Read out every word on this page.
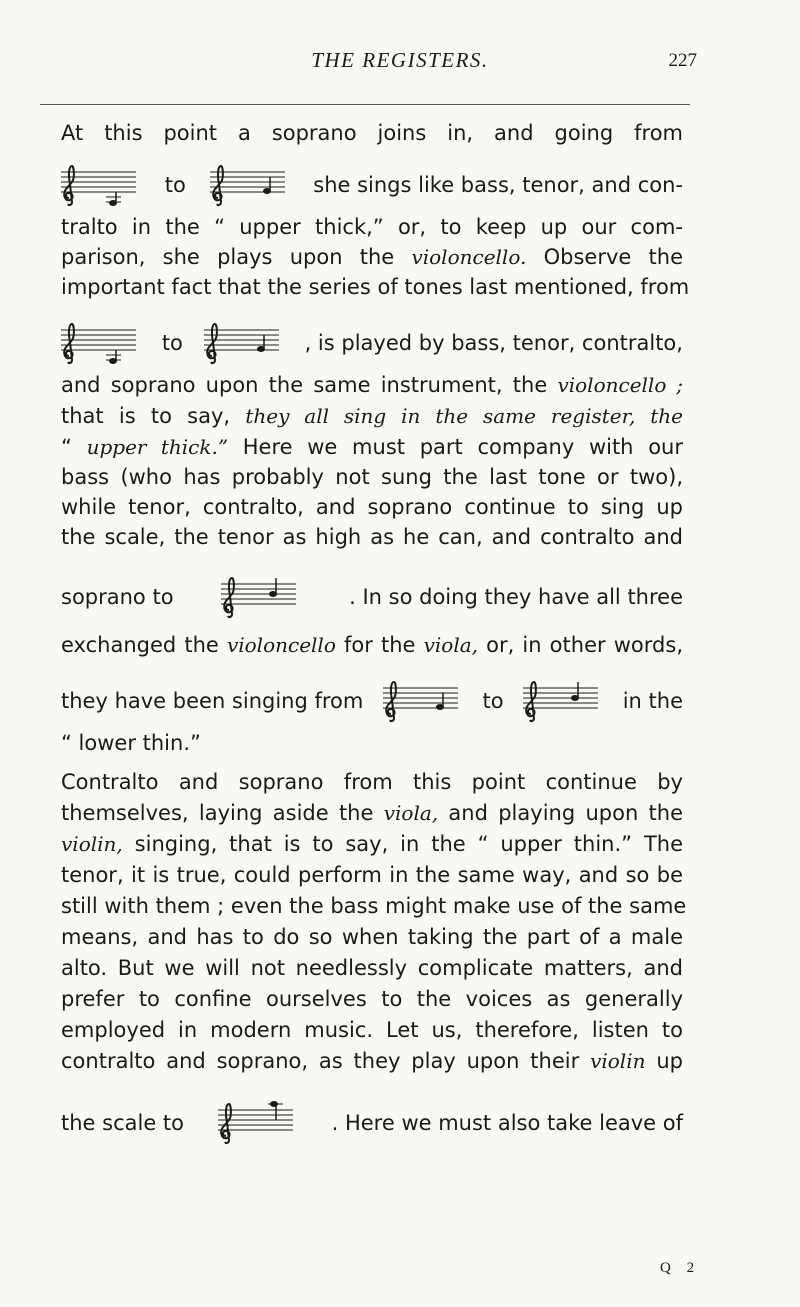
THE REGISTERS.	227
At this point a soprano joins in, and going from
to	she sings like bass, tenor, and con-
tralto in the “ upper thick,” or, to keep up our com-
parison, she plays upon the violoncello. Observe the
important fact that the series of tones last mentioned, from
to	, is played by bass, tenor, contralto,
and soprano upon the same instrument, the violoncello ;
that is to say, they all sing in the same register, the
“ upper thick.” Here we must part company with our
bass (who has probably not sung the last tone or two),
while tenor, contralto, and soprano continue to sing up
the scale, the tenor as high as he can, and contralto and
soprano to	. In so doing they have all three
exchanged the violoncello for the viola, or, in other words,
they have been singing from	to	in the
“ lower thin.”
Contralto and soprano from this point continue by
themselves, laying aside the viola, and playing upon the
violin, singing, that is to say, in the “ upper thin.” The
tenor, it is true, could perform in the same way, and so be
still with them ; even the bass might make use of the same
means, and has to do so when taking the part of a male
alto. But we will not needlessly complicate matters, and
prefer to confine ourselves to the voices as generally
employed in modern music. Let us, therefore, listen to
contralto and soprano, as they play upon their violin up
the scale to	. Here we must also take leave of
Q 2
